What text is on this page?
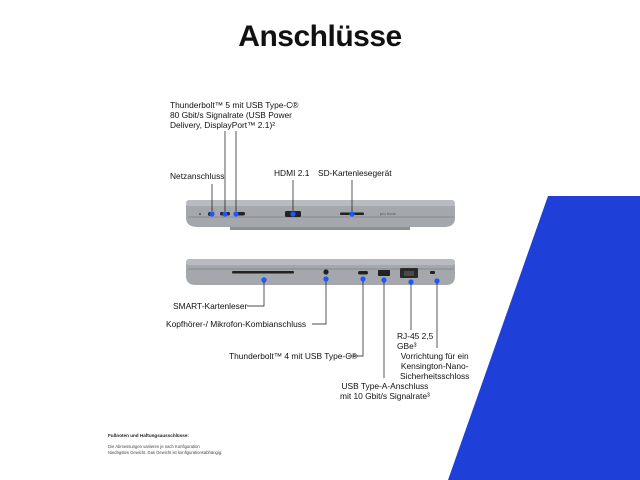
pro book
Anschlüsse
Thunderbolt™ 5 mit USB Type-C®
80 Gbit/s Signalrate (USB Power
Delivery, DisplayPort™ 2.1)²
Netzanschluss	HDMI 2.1 SD-Kartenlesegerät
SMART-Kartenleser
Kopfhörer-/ Mikrofon-Kombianschluss
Thunderbolt™ 4 mit USB Type-C®
USB Type-A-Anschluss
mit 10 Gbit/s Signalrate³
RJ-45 2,5
GBe³
Vorrichtung für ein
Kensington-Nano-
Sicherheitsschloss
Fußnoten und Haftungsausschlüsse:
Die Abmessungen variieren je nach Konfiguration
Niedrigstes Gewicht. Das Gewicht ist konfigurationsabhängig.
